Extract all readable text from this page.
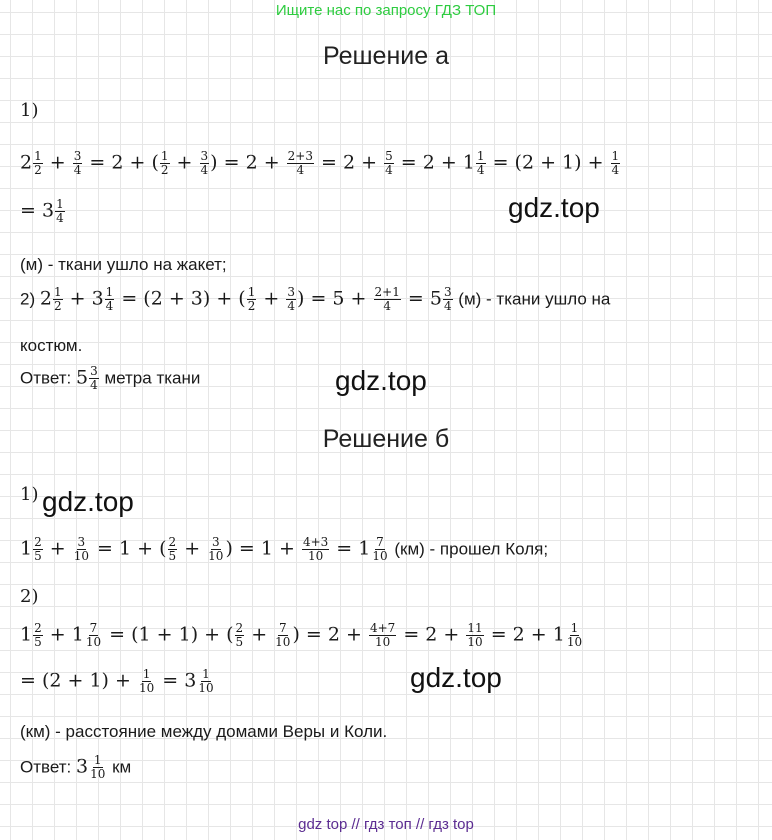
Ищите нас по запросу ГДЗ ТОП
Решение а
1)
$2 \frac{1}{2} + \frac{3}{4} = 2$ + ( $\frac{1}{2} + \frac{3}{4}$ ) = $2 + \frac{2+3}{4} = 2 + \frac{5}{4} = 2 + 1 \frac{1}{4} = (2 + 1) + \frac{1}{4}$
= $3 \frac{1}{4}$	gdz.top
(м) - ткани ушло на жакет;
2) $2 \frac{1}{2} + 3 \frac{1}{4} = (2 + 3)$ + ( $\frac{1}{2} + \frac{3}{4}$ ) = $5 + \frac{2+1}{4} = 5 \frac{3}{4} (м)$ - ткани ушло на
костюм.
Ответ: $5 \frac{3}{4}$ метра ткани	gdz.top
Решение б
1) gdz.top
$1 \frac{2}{5} + \frac{3}{10} = 1$ + ( $\frac{2}{5} + \frac{3}{10}$ ) = $1 + \frac{4+3}{10} = 1 \frac{7}{10} (км)$ - прошел Коля;
2)
$1 \frac{2}{5} + 1 \frac{7}{10} = (1 + 1)$ + ( $\frac{2}{5} + \frac{7}{10}$ ) = $2 + \frac{4+7}{10} = 2 + \frac{11}{10} = 2 + 1 \frac{1}{10}$
= $(2 + 1) + \frac{1}{10} = 3 \frac{1}{10}$	gdz.top
(км) - расстояние между домами Веры и Коли.
Ответ: $3 \frac{1}{10}$ км
gdz top // гдз топ // гдз top
